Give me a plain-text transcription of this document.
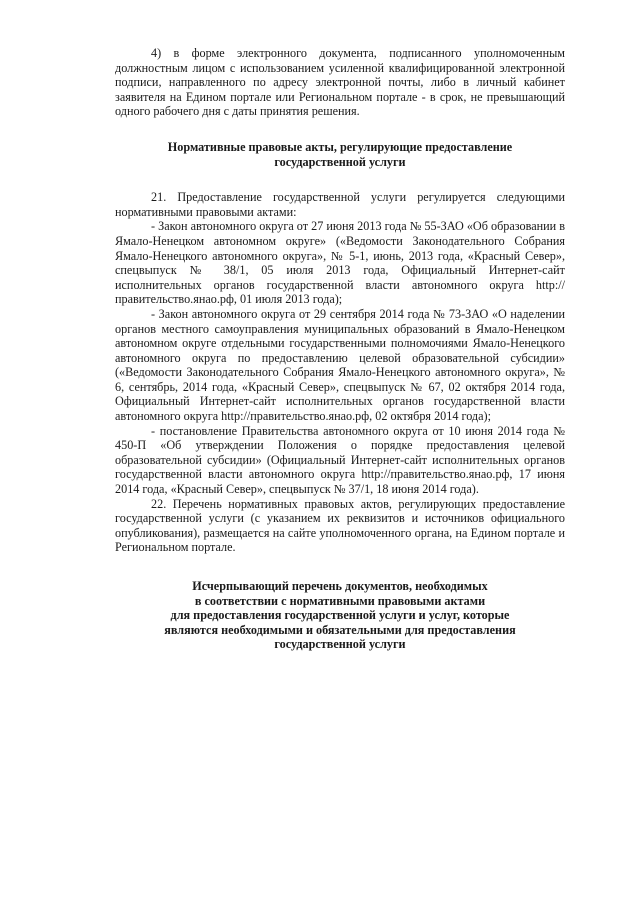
4) в форме электронного документа, подписанного уполномоченным должностным лицом с использованием усиленной квалифицированной электронной подписи, направленного по адресу электронной почты, либо в личный кабинет заявителя на Едином портале или Региональном портале - в срок, не превышающий одного рабочего дня с даты принятия решения.

Нормативные правовые акты, регулирующие предоставление
государственной услуги

21. Предоставление государственной услуги регулируется следующими нормативными правовыми актами:

- Закон автономного округа от 27 июня 2013 года № 55-ЗАО «Об образовании в Ямало-Ненецком автономном округе» («Ведомости Законодательного Собрания Ямало-Ненецкого автономного округа», № 5-1, июнь, 2013 года, «Красный Север», спецвыпуск № 38/1, 05 июля 2013 года, Официальный Интернет-сайт исполнительных органов государственной власти автономного округа http://правительство.янао.рф, 01 июля 2013 года);

- Закон автономного округа от 29 сентября 2014 года № 73-ЗАО «О наделении органов местного самоуправления муниципальных образований в Ямало-Ненецком автономном округе отдельными государственными полномочиями Ямало-Ненецкого автономного округа по предоставлению целевой образовательной субсидии» («Ведомости Законодательного Собрания Ямало-Ненецкого автономного округа», № 6, сентябрь, 2014 года, «Красный Север», спецвыпуск № 67, 02 октября 2014 года, Официальный Интернет-сайт исполнительных органов государственной власти автономного округа http://правительство.янао.рф, 02 октября 2014 года);

- постановление Правительства автономного округа от 10 июня 2014 года № 450-П «Об утверждении Положения о порядке предоставления целевой образовательной субсидии» (Официальный Интернет-сайт исполнительных органов государственной власти автономного округа http://правительство.янао.рф, 17 июня 2014 года, «Красный Север», спецвыпуск № 37/1, 18 июня 2014 года).

22. Перечень нормативных правовых актов, регулирующих предоставление государственной услуги (с указанием их реквизитов и источников официального опубликования), размещается на сайте уполномоченного органа, на Едином портале и Региональном портале.

Исчерпывающий перечень документов, необходимых
в соответствии с нормативными правовыми актами
для предоставления государственной услуги и услуг, которые
являются необходимыми и обязательными для предоставления
государственной услуги
